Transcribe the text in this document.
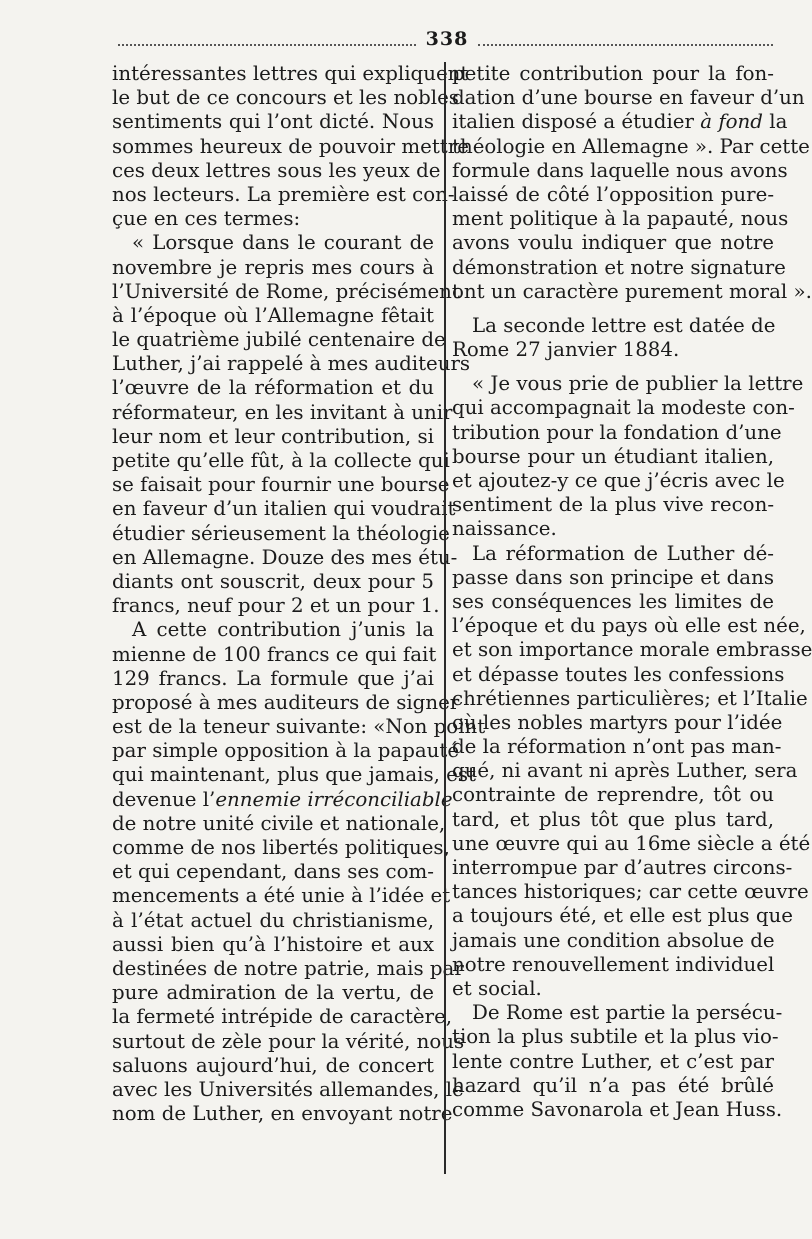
338
intéressantes lettres qui expliquent
le but de ce concours et les nobles
sentiments qui l’ont dicté. Nous
sommes heureux de pouvoir mettre
ces deux lettres sous les yeux de
nos lecteurs. La première est con-
çue en ces termes:
« Lorsque dans le courant de
novembre je repris mes cours à
l’Université de Rome, précisément
à l’époque où l’Allemagne fêtait
le quatrième jubilé centenaire de
Luther, j’ai rappelé à mes auditeurs
l’œuvre de la réformation et du
réformateur, en les invitant à unir
leur nom et leur contribution, si
petite qu’elle fût, à la collecte qui
se faisait pour fournir une bourse
en faveur d’un italien qui voudrait
étudier sérieusement la théologie
en Allemagne. Douze des mes étu-
diants ont souscrit, deux pour 5
francs, neuf pour 2 et un pour 1.
A cette contribution j’unis la
mienne de 100 francs ce qui fait
129 francs. La formule que j’ai
proposé à mes auditeurs de signer
est de la teneur suivante: «Non point
par simple opposition à la papauté
qui maintenant, plus que jamais, est
devenue l’ennemie irréconciliable
de notre unité civile et nationale,
comme de nos libertés politiques,
et qui cependant, dans ses com-
mencements a été unie à l’idée et
à l’état actuel du christianisme,
aussi bien qu’à l’histoire et aux
destinées de notre patrie, mais par
pure admiration de la vertu, de
la fermeté intrépide de caractère,
surtout de zèle pour la vérité, nous
saluons aujourd’hui, de concert
avec les Universités allemandes, le
nom de Luther, en envoyant notre
petite contribution pour la fon-
dation d’une bourse en faveur d’un
italien disposé a étudier à fond la
théologie en Allemagne ». Par cette
formule dans laquelle nous avons
laissé de côté l’opposition pure-
ment politique à la papauté, nous
avons voulu indiquer que notre
démonstration et notre signature
ont un caractère purement moral ».
La seconde lettre est datée de
Rome 27 janvier 1884.
« Je vous prie de publier la lettre
qui accompagnait la modeste con-
tribution pour la fondation d’une
bourse pour un étudiant italien,
et ajoutez-y ce que j’écris avec le
sentiment de la plus vive recon-
naissance.
La réformation de Luther dé-
passe dans son principe et dans
ses conséquences les limites de
l’époque et du pays où elle est née,
et son importance morale embrasse
et dépasse toutes les confessions
chrétiennes particulières; et l’Italie
où les nobles martyrs pour l’idée
de la réformation n’ont pas man-
qué, ni avant ni après Luther, sera
contrainte de reprendre, tôt ou
tard, et plus tôt que plus tard,
une œuvre qui au 16me siècle a été
interrompue par d’autres circons-
tances historiques; car cette œuvre
a toujours été, et elle est plus que
jamais une condition absolue de
notre renouvellement individuel
et social.
De Rome est partie la persécu-
tion la plus subtile et la plus vio-
lente contre Luther, et c’est par
hazard qu’il n’a pas été brûlé
comme Savonarola et Jean Huss.
